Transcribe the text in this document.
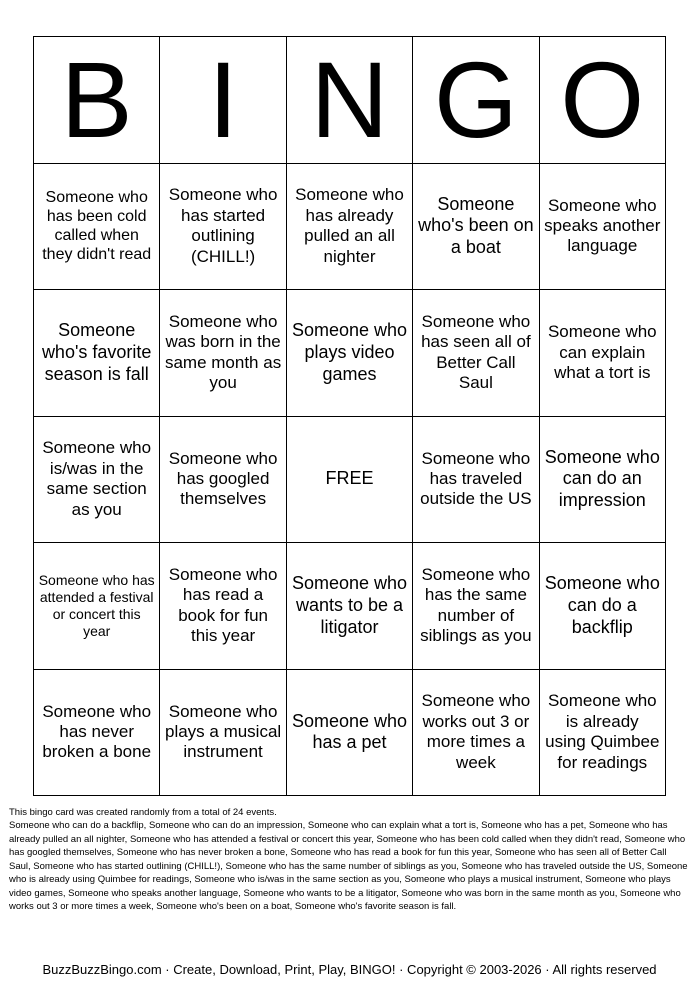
B I N G O
Someone who has been cold called when they didn't read
Someone who has started outlining (CHILL!)
Someone who has already pulled an all nighter
Someone who's been on a boat
Someone who speaks another language
Someone who's favorite season is fall
Someone who was born in the same month as you
Someone who plays video games
Someone who has seen all of Better Call Saul
Someone who can explain what a tort is
Someone who is/was in the same section as you
Someone who has googled themselves
FREE
Someone who has traveled outside the US
Someone who can do an impression
Someone who has attended a festival or concert this year
Someone who has read a book for fun this year
Someone who wants to be a litigator
Someone who has the same number of siblings as you
Someone who can do a backflip
Someone who has never broken a bone
Someone who plays a musical instrument
Someone who has a pet
Someone who works out 3 or more times a week
Someone who is already using Quimbee for readings

This bingo card was created randomly from a total of 24 events.

Someone who can do a backflip, Someone who can do an impression, Someone who can explain what a tort is, Someone who has a pet, Someone who has already pulled an all nighter, Someone who has attended a festival or concert this year, Someone who has been cold called when they didn't read, Someone who has googled themselves, Someone who has never broken a bone, Someone who has read a book for fun this year, Someone who has seen all of Better Call Saul, Someone who has started outlining (CHILL!), Someone who has the same number of siblings as you, Someone who has traveled outside the US, Someone who is already using Quimbee for readings, Someone who is/was in the same section as you, Someone who plays a musical instrument, Someone who plays video games, Someone who speaks another language, Someone who wants to be a litigator, Someone who was born in the same month as you, Someone who works out 3 or more times a week, Someone who's been on a boat, Someone who's favorite season is fall.

BuzzBuzzBingo.com · Create, Download, Print, Play, BINGO! · Copyright © 2003-2026 · All rights reserved
